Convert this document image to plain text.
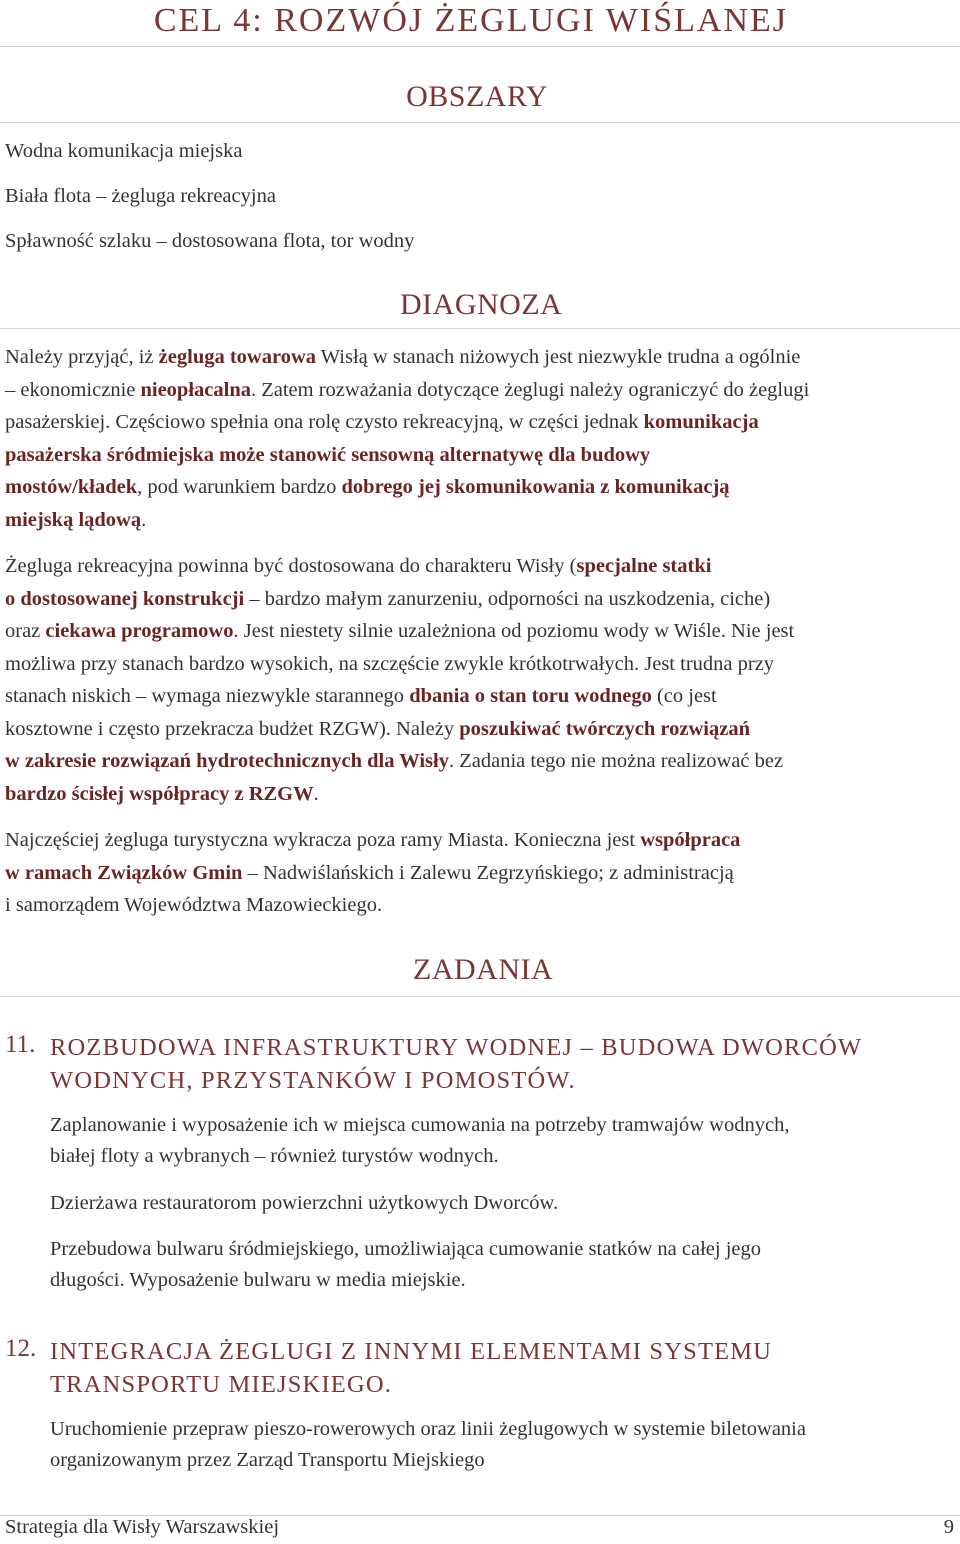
CEL 4: ROZWÓJ ŻEGLUGI WIŚLANEJ
OBSZARY
Wodna komunikacja miejska
Biała flota – żegluga rekreacyjna
Spławność szlaku – dostosowana flota, tor wodny
DIAGNOZA
Należy przyjąć, iż żegluga towarowa Wisłą w stanach niżowych jest niezwykle trudna a ogólnie
– ekonomicznie nieopłacalna. Zatem rozważania dotyczące żeglugi należy ograniczyć do żeglugi
pasażerskiej. Częściowo spełnia ona rolę czysto rekreacyjną, w części jednak komunikacja
pasażerska śródmiejska może stanowić sensowną alternatywę dla budowy
mostów/kładek, pod warunkiem bardzo dobrego jej skomunikowania z komunikacją
miejską lądową.
Żegluga rekreacyjna powinna być dostosowana do charakteru Wisły (specjalne statki
o dostosowanej konstrukcji – bardzo małym zanurzeniu, odporności na uszkodzenia, ciche)
oraz ciekawa programowo. Jest niestety silnie uzależniona od poziomu wody w Wiśle. Nie jest
możliwa przy stanach bardzo wysokich, na szczęście zwykle krótkotrwałych. Jest trudna przy
stanach niskich – wymaga niezwykle starannego dbania o stan toru wodnego (co jest
kosztowne i często przekracza budżet RZGW). Należy poszukiwać twórczych rozwiązań
w zakresie rozwiązań hydrotechnicznych dla Wisły. Zadania tego nie można realizować bez
bardzo ścisłej współpracy z RZGW.
Najczęściej żegluga turystyczna wykracza poza ramy Miasta. Konieczna jest współpraca
w ramach Związków Gmin – Nadwiślańskich i Zalewu Zegrzyńskiego; z administracją
i samorządem Województwa Mazowieckiego.
ZADANIA
11. ROZBUDOWA INFRASTRUKTURY WODNEJ – BUDOWA DWORCÓW
WODNYCH, PRZYSTANKÓW I POMOSTÓW.
Zaplanowanie i wyposażenie ich w miejsca cumowania na potrzeby tramwajów wodnych,
białej floty a wybranych – również turystów wodnych.
Dzierżawa restauratorom powierzchni użytkowych Dworców.
Przebudowa bulwaru śródmiejskiego, umożliwiająca cumowanie statków na całej jego
długości. Wyposażenie bulwaru w media miejskie.
12. INTEGRACJA ŻEGLUGI Z INNYMI ELEMENTAMI SYSTEMU
TRANSPORTU MIEJSKIEGO.
Uruchomienie przepraw pieszo-rowerowych oraz linii żeglugowych w systemie biletowania
organizowanym przez Zarząd Transportu Miejskiego
Strategia dla Wisły Warszawskiej	9
